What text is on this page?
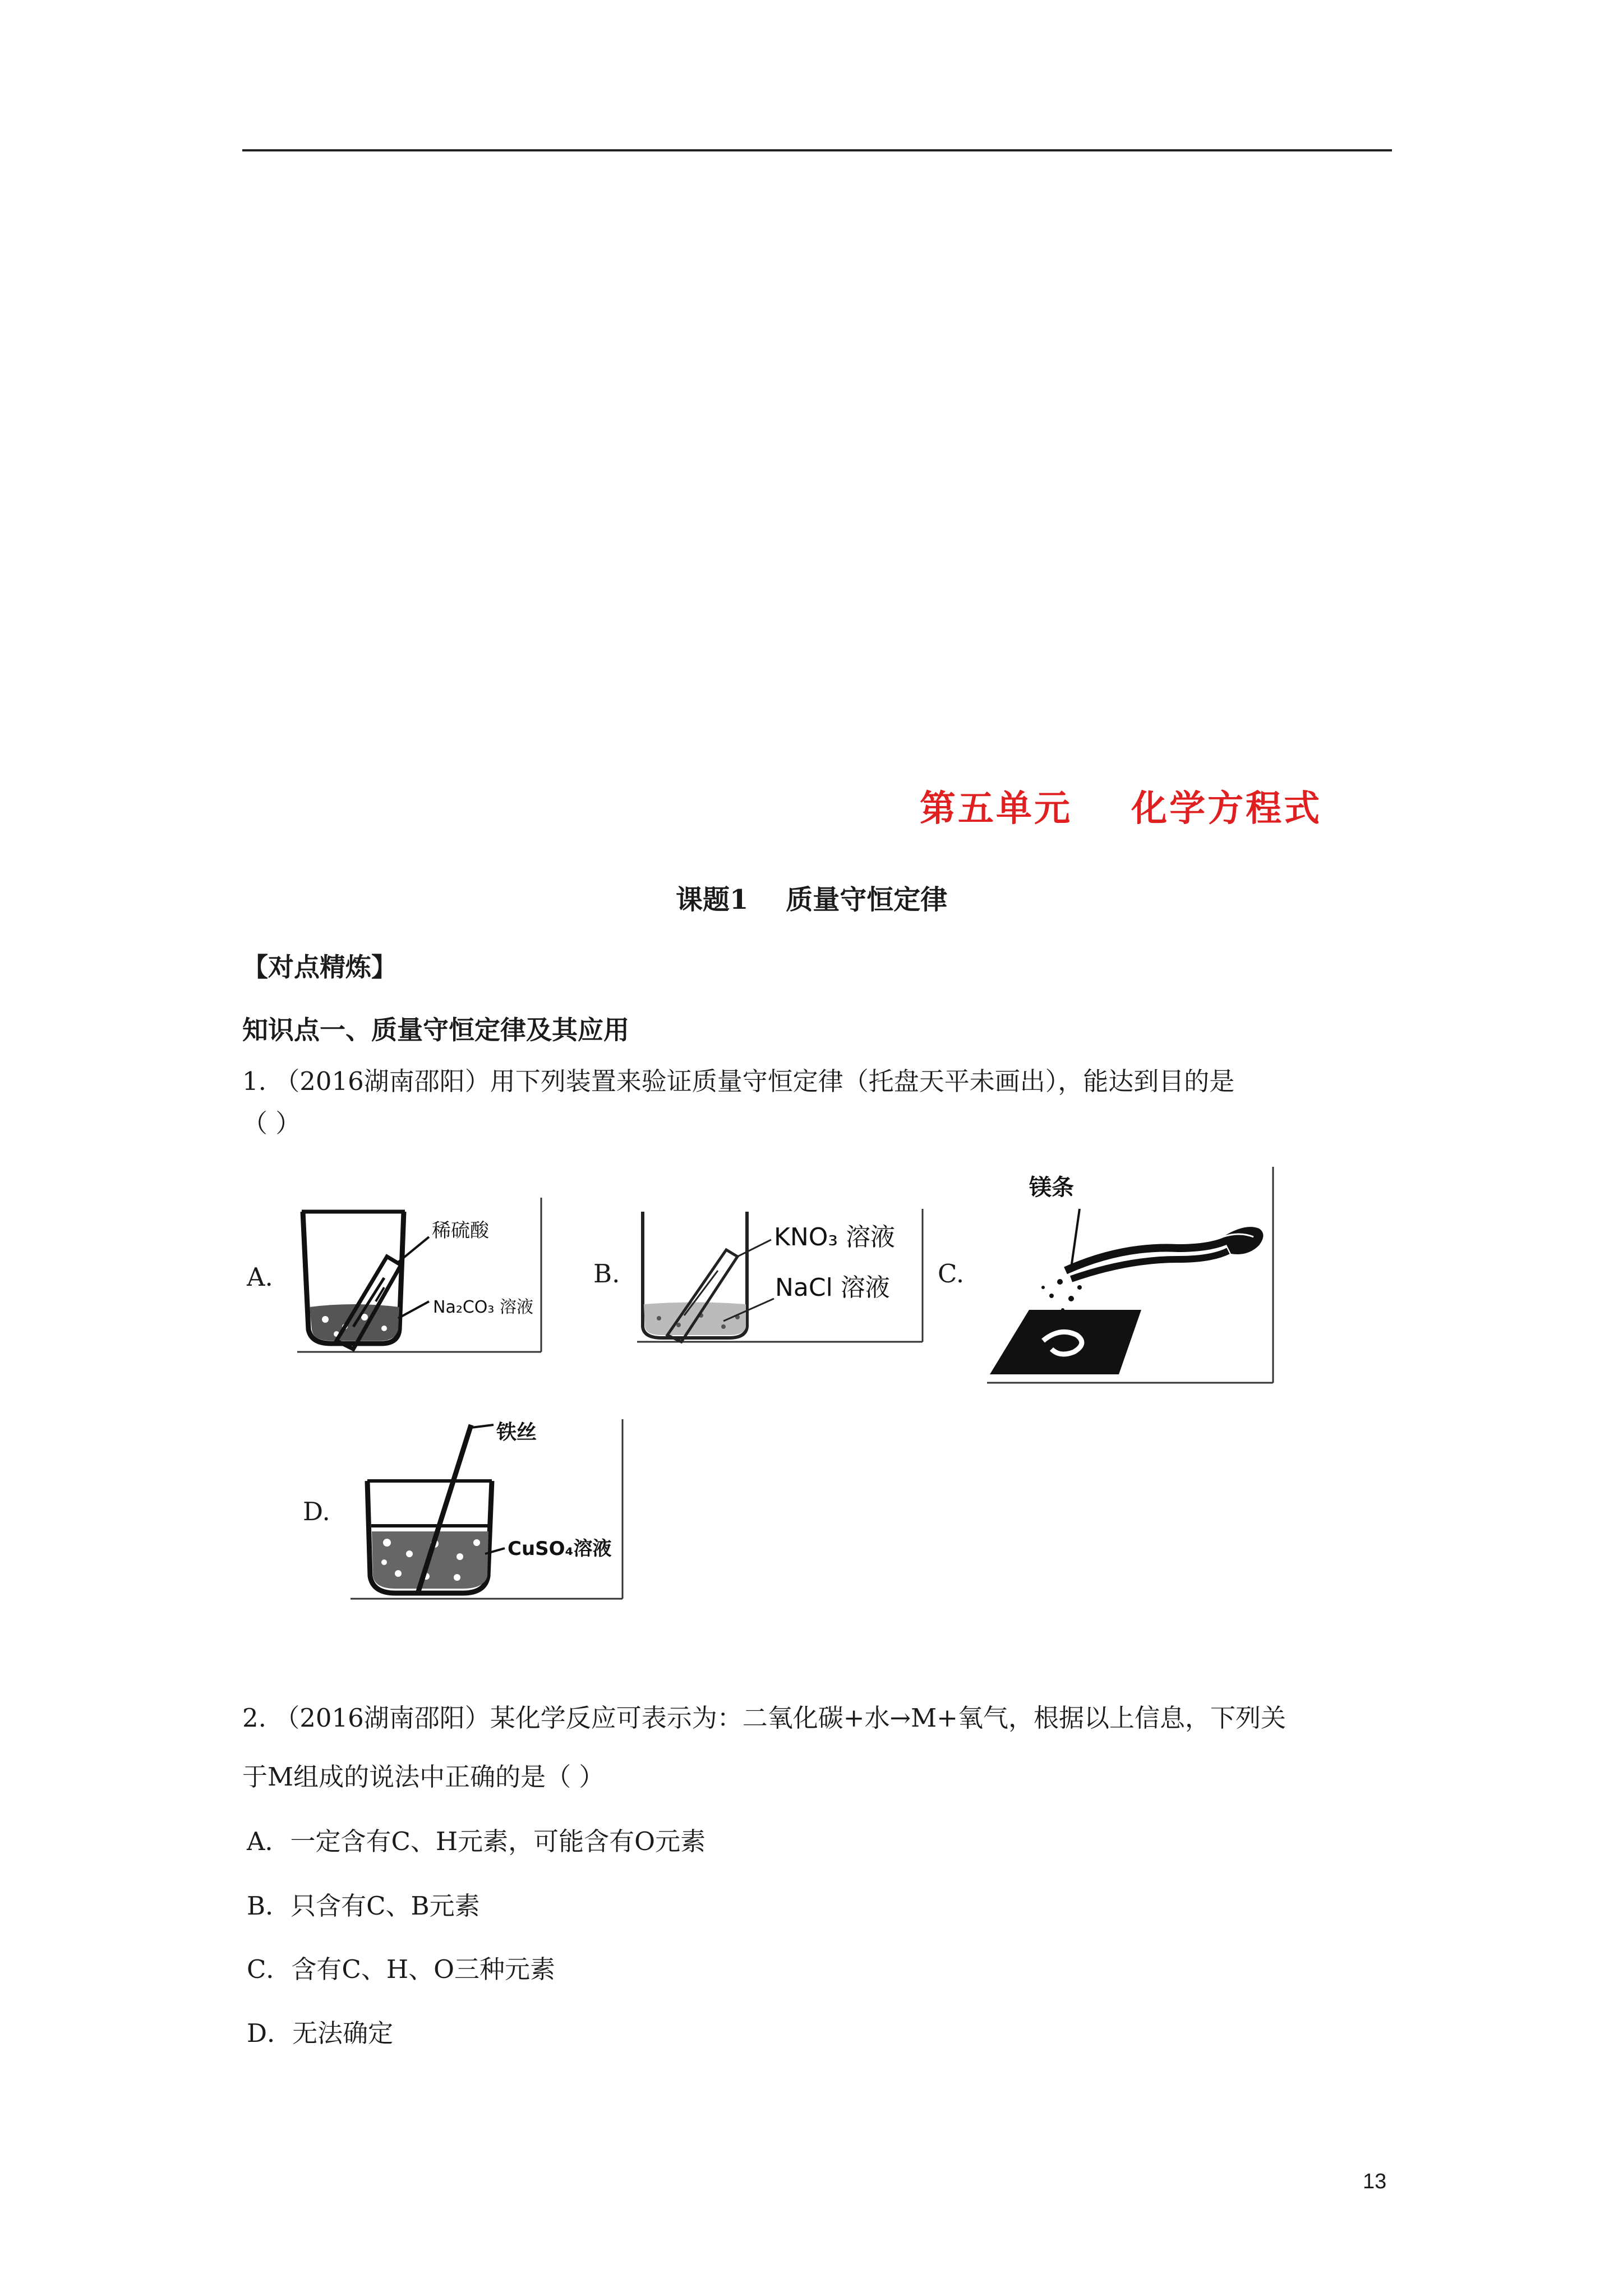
第五单元    化学方程式
课题1    质量守恒定律
【对点精炼】
知识点一、质量守恒定律及其应用
1. （2016湖南邵阳）用下列装置来验证质量守恒定律（托盘天平未画出），能达到目的是
（ ）
A.
稀硫酸
Na₂CO₃ 溶液
B.
KNO₃ 溶液
NaCl 溶液 C.
镁条
D.
铁丝
CuSO₄溶液
2. （2016湖南邵阳）某化学反应可表示为：二氧化碳+水→M+氧气，根据以上信息，下列关
于M组成的说法中正确的是（ ）
A．一定含有C、H元素，可能含有O元素
B．只含有C、B元素
C．含有C、H、O三种元素
D．无法确定
13
